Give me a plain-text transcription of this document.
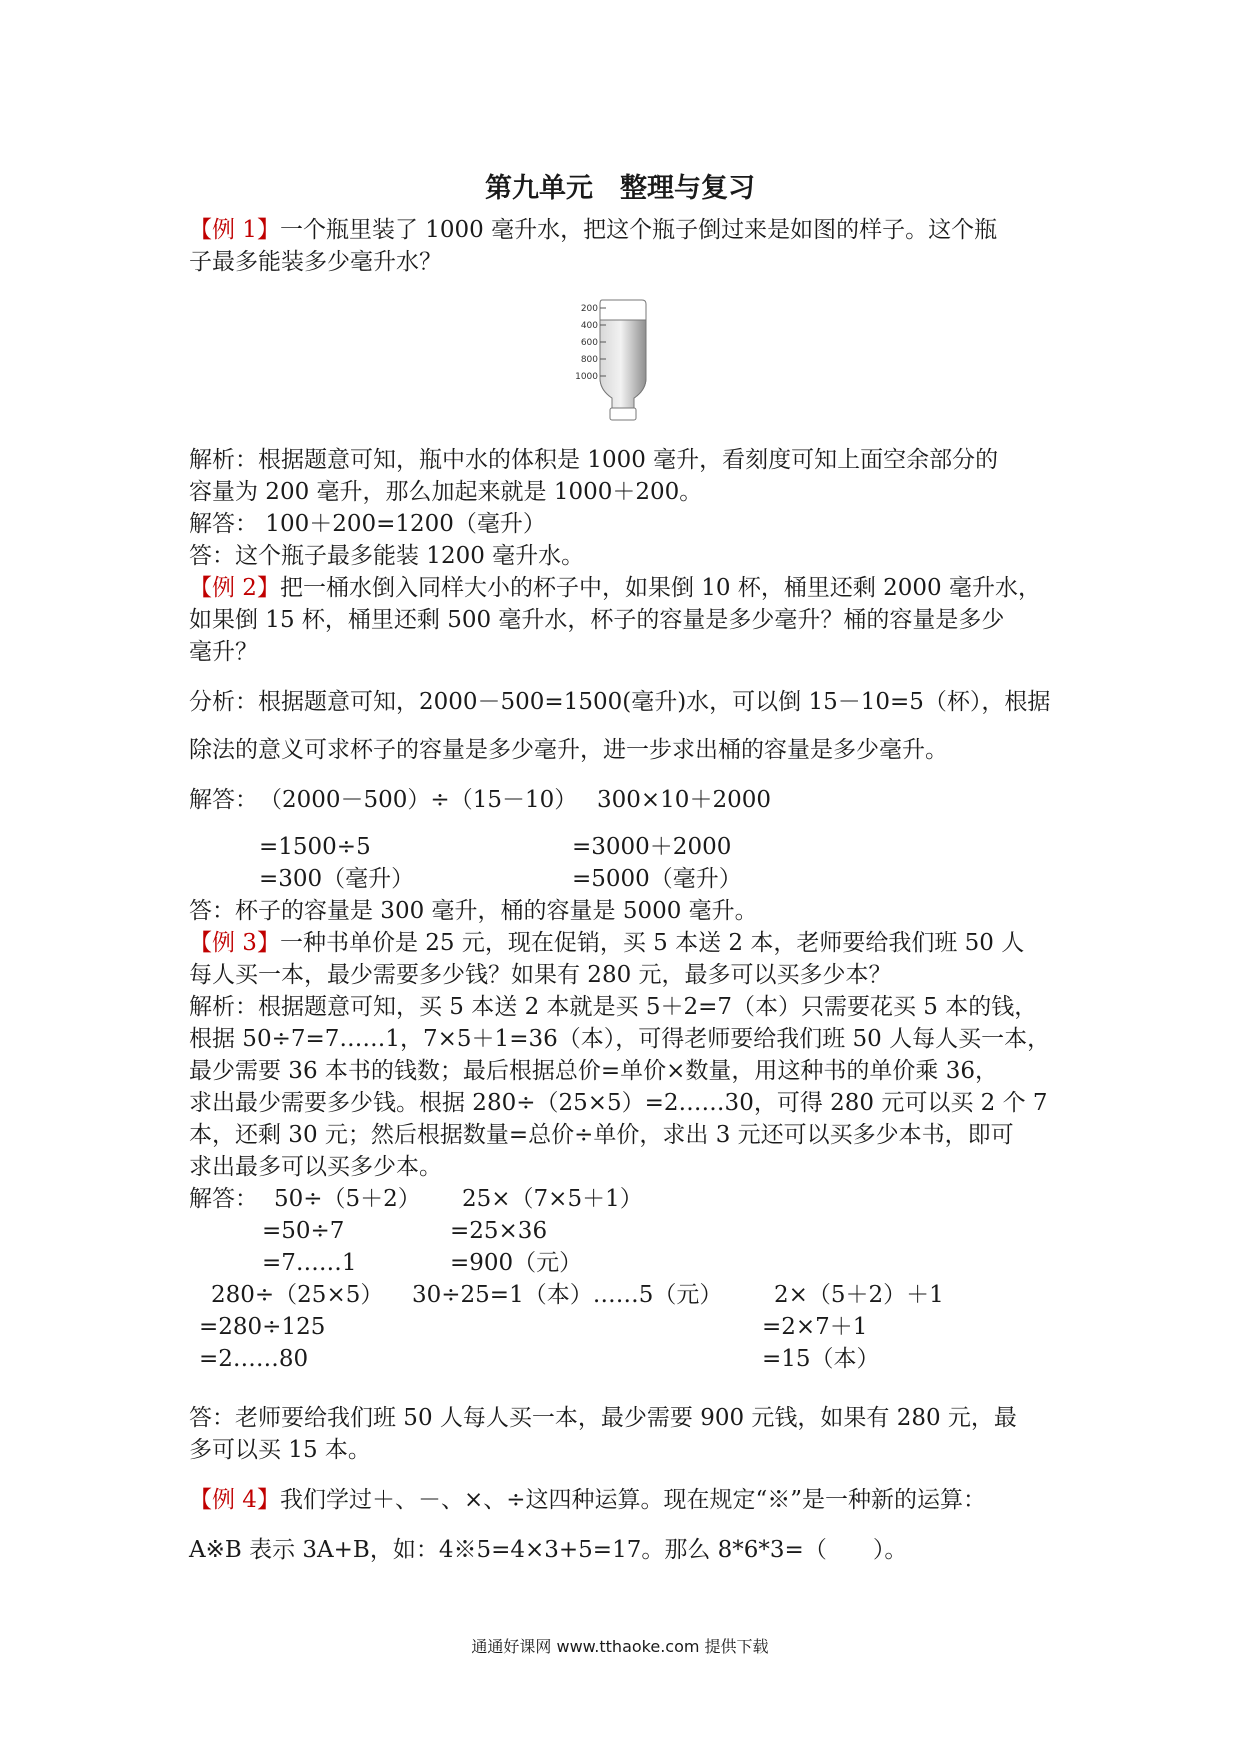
第九单元　整理与复习
【例 1】一个瓶里装了 1000 毫升水，把这个瓶子倒过来是如图的样子。这个瓶
子最多能装多少毫升水？
200
400
600
800
1000
解析：根据题意可知，瓶中水的体积是 1000 毫升，看刻度可知上面空余部分的
容量为 200 毫升，那么加起来就是 1000＋200。
解答： 100＋200=1200（毫升）
答：这个瓶子最多能装 1200 毫升水。
【例 2】把一桶水倒入同样大小的杯子中，如果倒 10 杯，桶里还剩 2000 毫升水，
如果倒 15 杯，桶里还剩 500 毫升水，杯子的容量是多少毫升？桶的容量是多少
毫升？
分析：根据题意可知，2000－500=1500(毫升)水，可以倒 15－10=5（杯），根据
除法的意义可求杯子的容量是多少毫升，进一步求出桶的容量是多少毫升。
解答： （2000－500）÷（15－10）
=1500÷5
=300（毫升）
300×10＋2000
=3000＋2000
=5000（毫升）
答：杯子的容量是 300 毫升，桶的容量是 5000 毫升。
【例 3】一种书单价是 25 元，现在促销，买 5 本送 2 本，老师要给我们班 50 人
每人买一本，最少需要多少钱？如果有 280 元，最多可以买多少本？
解析：根据题意可知，买 5 本送 2 本就是买 5＋2=7（本）只需要花买 5 本的钱，
根据 50÷7=7……1，7×5＋1=36（本），可得老师要给我们班 50 人每人买一本，
最少需要 36 本书的钱数；最后根据总价=单价×数量，用这种书的单价乘 36，
求出最少需要多少钱。根据 280÷（25×5）=2……30，可得 280 元可以买 2 个 7
本，还剩 30 元；然后根据数量=总价÷单价，求出 3 元还可以买多少本书，即可
求出最多可以买多少本。
解答： 50÷（5＋2）
=50÷7
=7……1
25×（7×5＋1）
=25×36
=900（元）
280÷（25×5）
=280÷125
=2……80
30÷25=1（本）……5（元） 2×（5＋2）＋1
=2×7＋1
=15（本）
答：老师要给我们班 50 人每人买一本，最少需要 900 元钱，如果有 280 元，最
多可以买 15 本。
【例 4】我们学过＋、－、×、÷这四种运算。现在规定“※”是一种新的运算：
A※B 表示 3A+B，如：4※5=4×3+5=17。那么 8*6*3=（　　）。
通通好课网 www.tthaoke.com 提供下载
